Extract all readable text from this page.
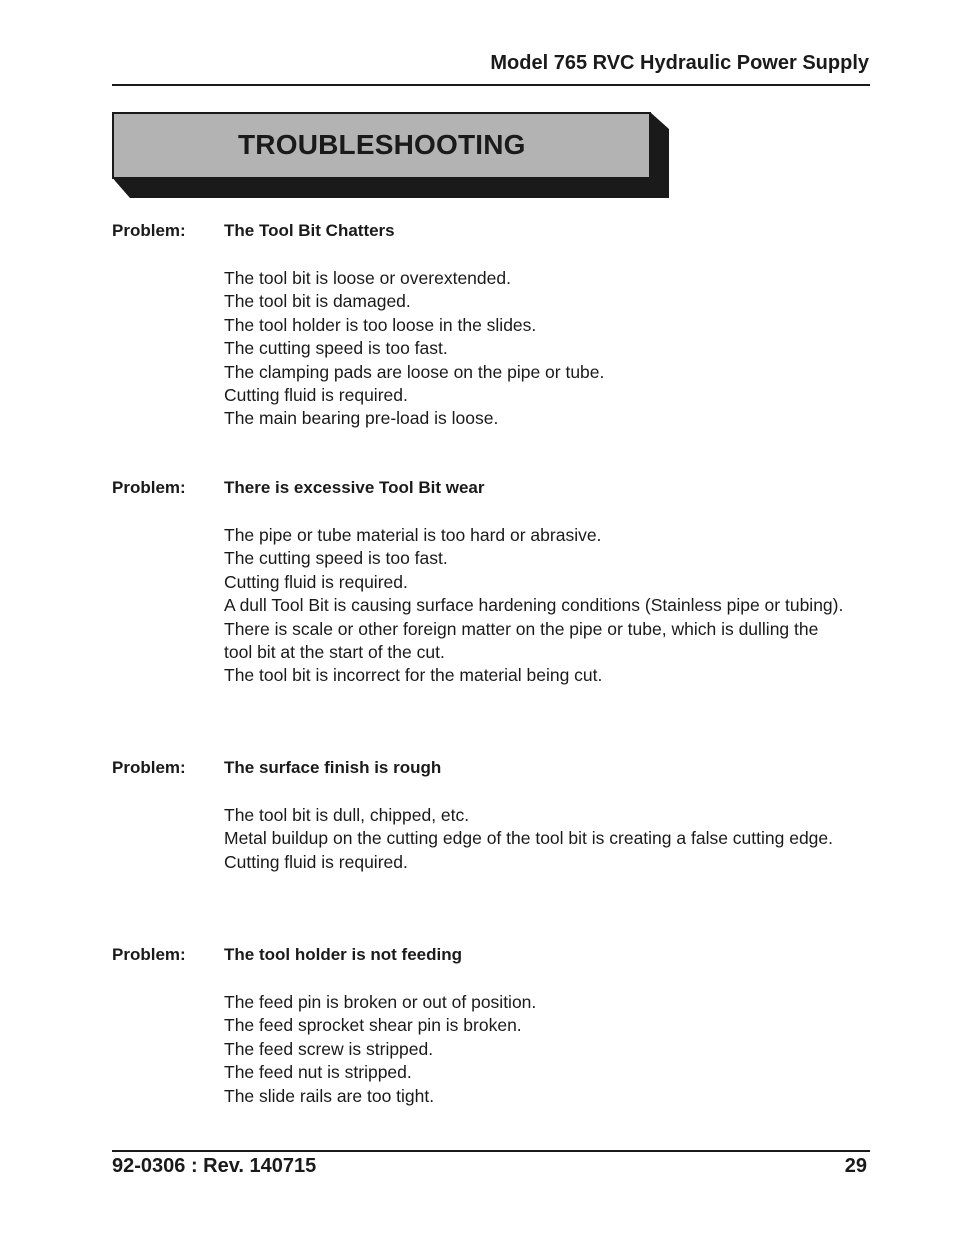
Model 765 RVC Hydraulic Power Supply
TROUBLESHOOTING
Problem: The Tool Bit Chatters
The tool bit is loose or overextended.
The tool bit is damaged.
The tool holder is too loose in the slides.
The cutting speed is too fast.
The clamping pads are loose on the pipe or tube.
Cutting fluid is required.
The main bearing pre-load is loose.
Problem: There is excessive Tool Bit wear
The pipe or tube material is too hard or abrasive.
The cutting speed is too fast.
Cutting fluid is required.
A dull Tool Bit is causing surface hardening conditions (Stainless pipe or tubing).
There is scale or other foreign matter on the pipe or tube, which is dulling the tool bit at the start of the cut.
The tool bit is incorrect for the material being cut.
Problem: The surface finish is rough
The tool bit is dull, chipped, etc.
Metal buildup on the cutting edge of the tool bit is creating a false cutting edge.
Cutting fluid is required.
Problem: The tool holder is not feeding
The feed pin is broken or out of position.
The feed sprocket shear pin is broken.
The feed screw is stripped.
The feed nut is stripped.
The slide rails are too tight.
92-0306 : Rev. 140715	29
